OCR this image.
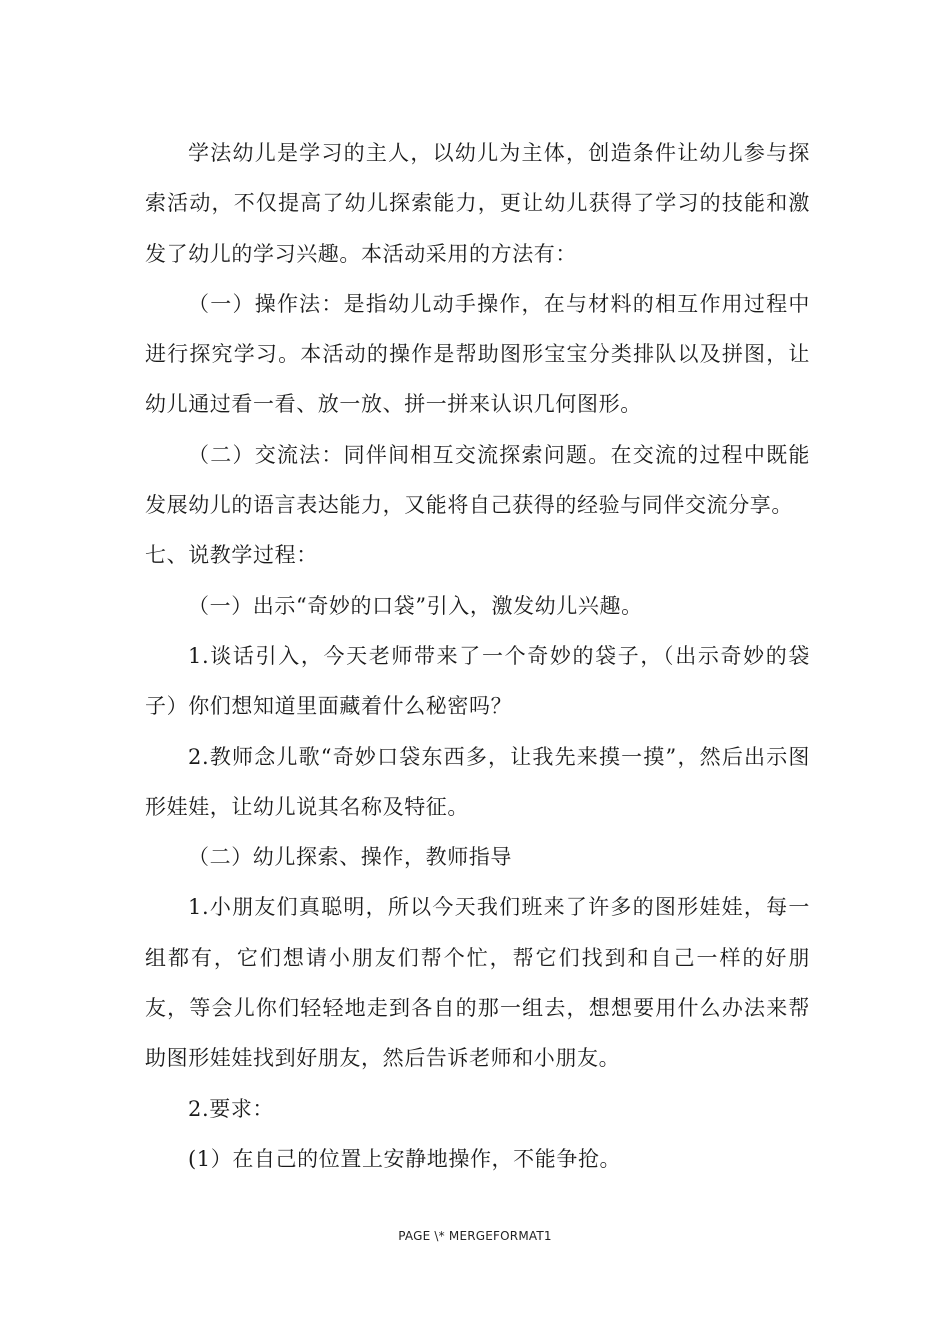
学法幼儿是学习的主人，以幼儿为主体，创造条件让幼儿参与探索活动，不仅提高了幼儿探索能力，更让幼儿获得了学习的技能和激发了幼儿的学习兴趣。本活动采用的方法有：

（一）操作法：是指幼儿动手操作，在与材料的相互作用过程中进行探究学习。本活动的操作是帮助图形宝宝分类排队以及拼图，让幼儿通过看一看、放一放、拼一拼来认识几何图形。

（二）交流法：同伴间相互交流探索问题。在交流的过程中既能发展幼儿的语言表达能力，又能将自己获得的经验与同伴交流分享。

七、说教学过程：

（一）出示“奇妙的口袋”引入，激发幼儿兴趣。

1.谈话引入，今天老师带来了一个奇妙的袋子，（出示奇妙的袋子）你们想知道里面藏着什么秘密吗？

2.教师念儿歌“奇妙口袋东西多，让我先来摸一摸”，然后出示图形娃娃，让幼儿说其名称及特征。

（二）幼儿探索、操作，教师指导

1.小朋友们真聪明，所以今天我们班来了许多的图形娃娃，每一组都有，它们想请小朋友们帮个忙，帮它们找到和自己一样的好朋友，等会儿你们轻轻地走到各自的那一组去，想想要用什么办法来帮助图形娃娃找到好朋友，然后告诉老师和小朋友。

2.要求：

(1）在自己的位置上安静地操作，不能争抢。

PAGE \* MERGEFORMAT1
